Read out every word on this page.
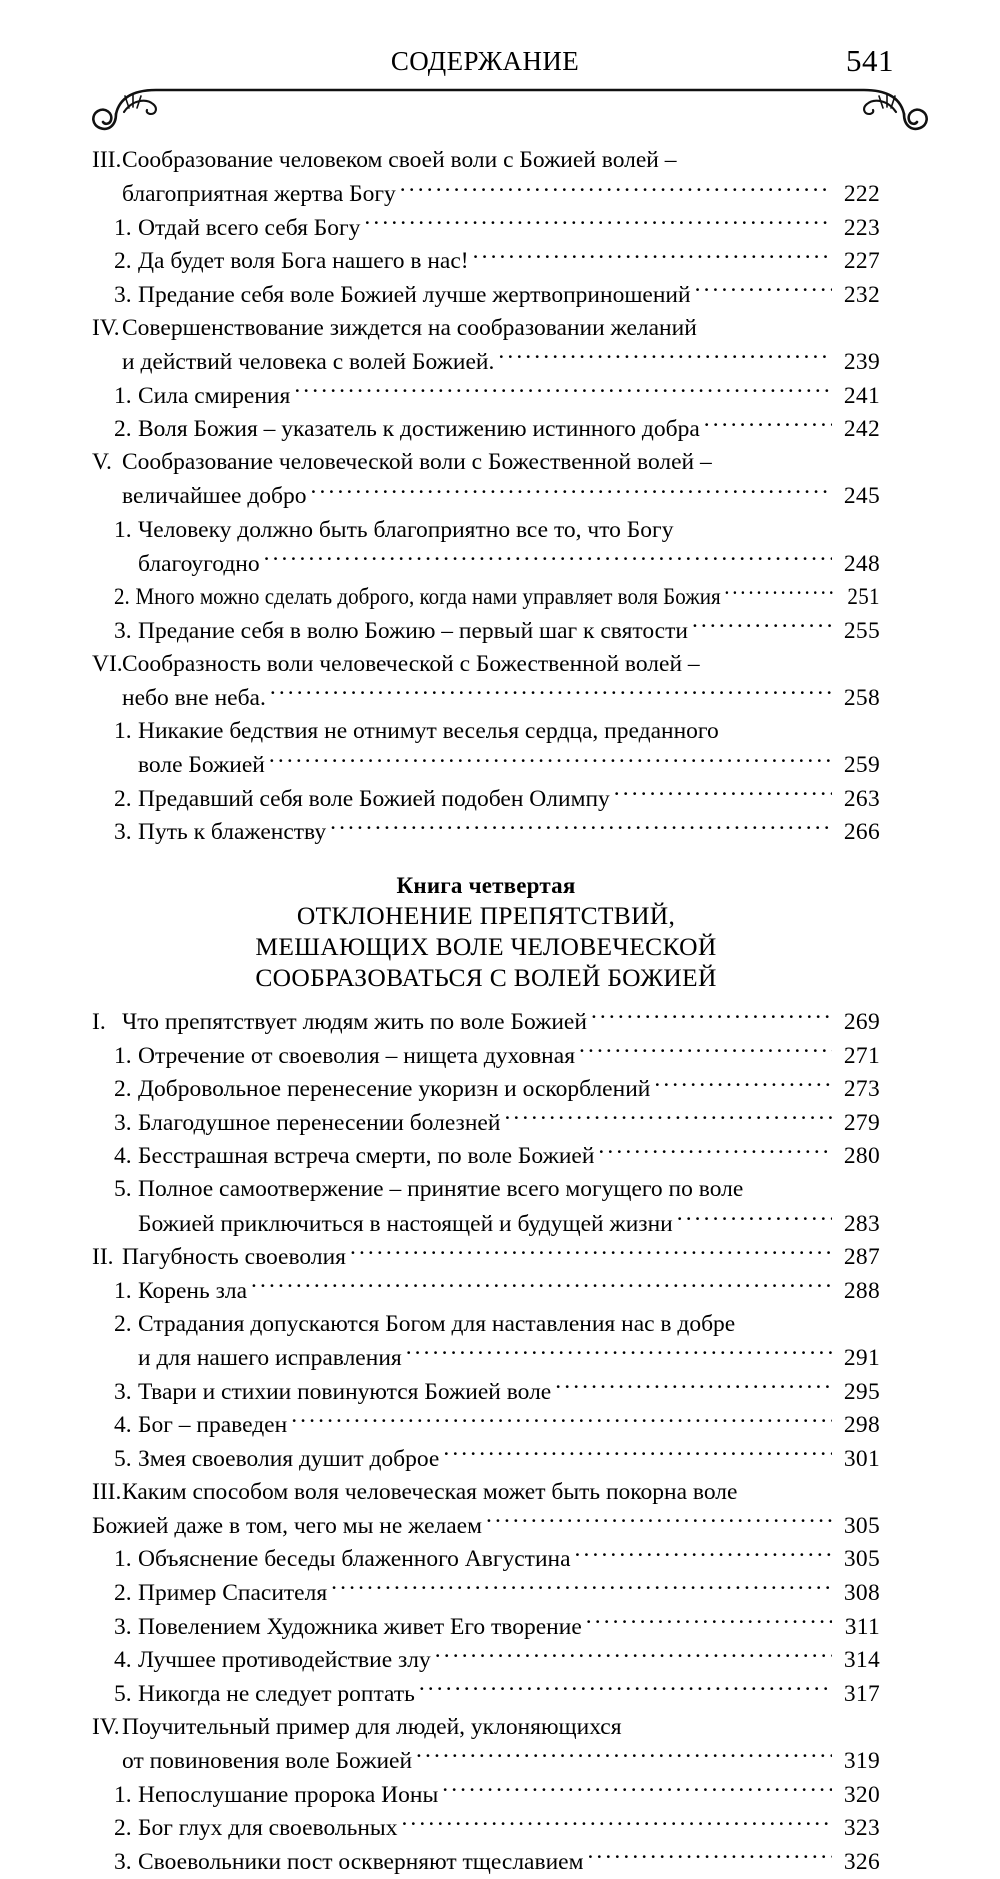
СОДЕРЖАНИЕ	541
III.Сообразование человеком своей воли с Божией волей –
благоприятная жертва Богу .....	222
1. Отдай всего себя Богу .....	223
2. Да будет воля Бога нашего в нас! .....	227
3. Предание себя воле Божией лучше жертвоприношений .....	232
IV.Совершенствование зиждется на сообразовании желаний
и действий человека с волей Божией. .....	239
1. Сила смирения .....	241
2. Воля Божия – указатель к достижению истинного добра .....	242
V. Сообразование человеческой воли с Божественной волей –
величайшее добро .....	245
1. Человеку должно быть благоприятно все то, что Богу
благоугодно .....	248
2. Много можно сделать доброго, когда нами управляет воля Божия .....	251
3. Предание себя в волю Божию – первый шаг к святости .....	255
VI.Сообразность воли человеческой с Божественной волей –
небо вне неба. .....	258
1. Никакие бедствия не отнимут веселья сердца, преданного
воле Божией .....	259
2. Предавший себя воле Божией подобен Олимпу .....	263
3. Путь к блаженству .....	266
Книга четвертая
ОТКЛОНЕНИЕ ПРЕПЯТСТВИЙ,
МЕШАЮЩИХ ВОЛЕ ЧЕЛОВЕЧЕСКОЙ
СООБРАЗОВАТЬСЯ С ВОЛЕЙ БОЖИЕЙ
I. Что препятствует людям жить по воле Божией .....	269
1. Отречение от своеволия – нищета духовная .....	271
2. Добровольное перенесение укоризн и оскорблений .....	273
3. Благодушное перенесении болезней .....	279
4. Бесстрашная встреча смерти, по воле Божией .....	280
5. Полное самоотвержение – принятие всего могущего по воле
Божией приключиться в настоящей и будущей жизни .....	283
II. Пагубность своеволия .....	287
1. Корень зла .....	288
2. Страдания допускаются Богом для наставления нас в добре
и для нашего исправления .....	291
3. Твари и стихии повинуются Божией воле .....	295
4. Бог – праведен .....	298
5. Змея своеволия душит доброе .....	301
III.Каким способом воля человеческая может быть покорна воле
Божией даже в том, чего мы не желаем .....	305
1. Объяснение беседы блаженного Августина .....	305
2. Пример Спасителя .....	308
3. Повелением Художника живет Его творение .....	311
4. Лучшее противодействие злу .....	314
5. Никогда не следует роптать .....	317
IV.Поучительный пример для людей, уклоняющихся
от повиновения воле Божией .....	319
1. Непослушание пророка Ионы .....	320
2. Бог глух для своевольных .....	323
3. Своевольники пост оскверняют тщеславием .....	326
